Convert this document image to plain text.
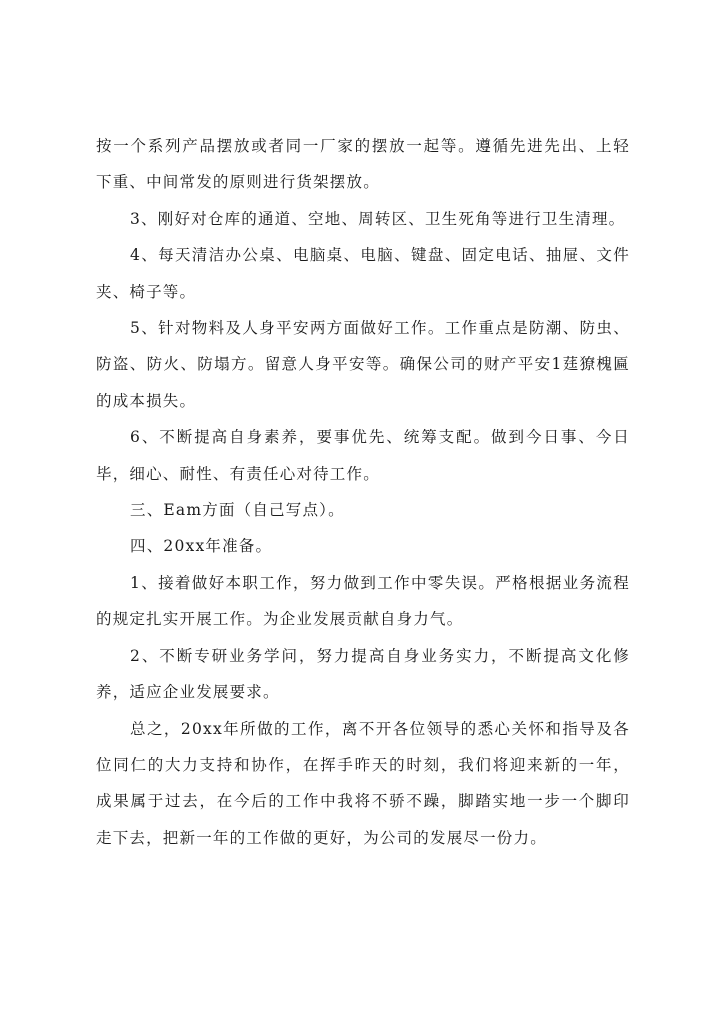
按一个系列产品摆放或者同一厂家的摆放一起等。遵循先进先出、上轻下重、中间常发的原则进行货架摆放。

3、刚好对仓库的通道、空地、周转区、卫生死角等进行卫生清理。

4、每天清洁办公桌、电脑桌、电脑、键盘、固定电话、抽屉、文件夹、椅子等。

5、针对物料及人身平安两方面做好工作。工作重点是防潮、防虫、防盗、防火、防塌方。留意人身平安等。确保公司的财产平安1莛獠槐匾的成本损失。

6、不断提高自身素养，要事优先、统筹支配。做到今日事、今日毕，细心、耐性、有责任心对待工作。

三、Eam方面（自己写点）。

四、20xx年准备。

1、接着做好本职工作，努力做到工作中零失误。严格根据业务流程的规定扎实开展工作。为企业发展贡献自身力气。

2、不断专研业务学问，努力提高自身业务实力，不断提高文化修养，适应企业发展要求。

总之，20xx年所做的工作，离不开各位领导的悉心关怀和指导及各位同仁的大力支持和协作，在挥手昨天的时刻，我们将迎来新的一年，成果属于过去，在今后的工作中我将不骄不躁，脚踏实地一步一个脚印走下去，把新一年的工作做的更好，为公司的发展尽一份力。
